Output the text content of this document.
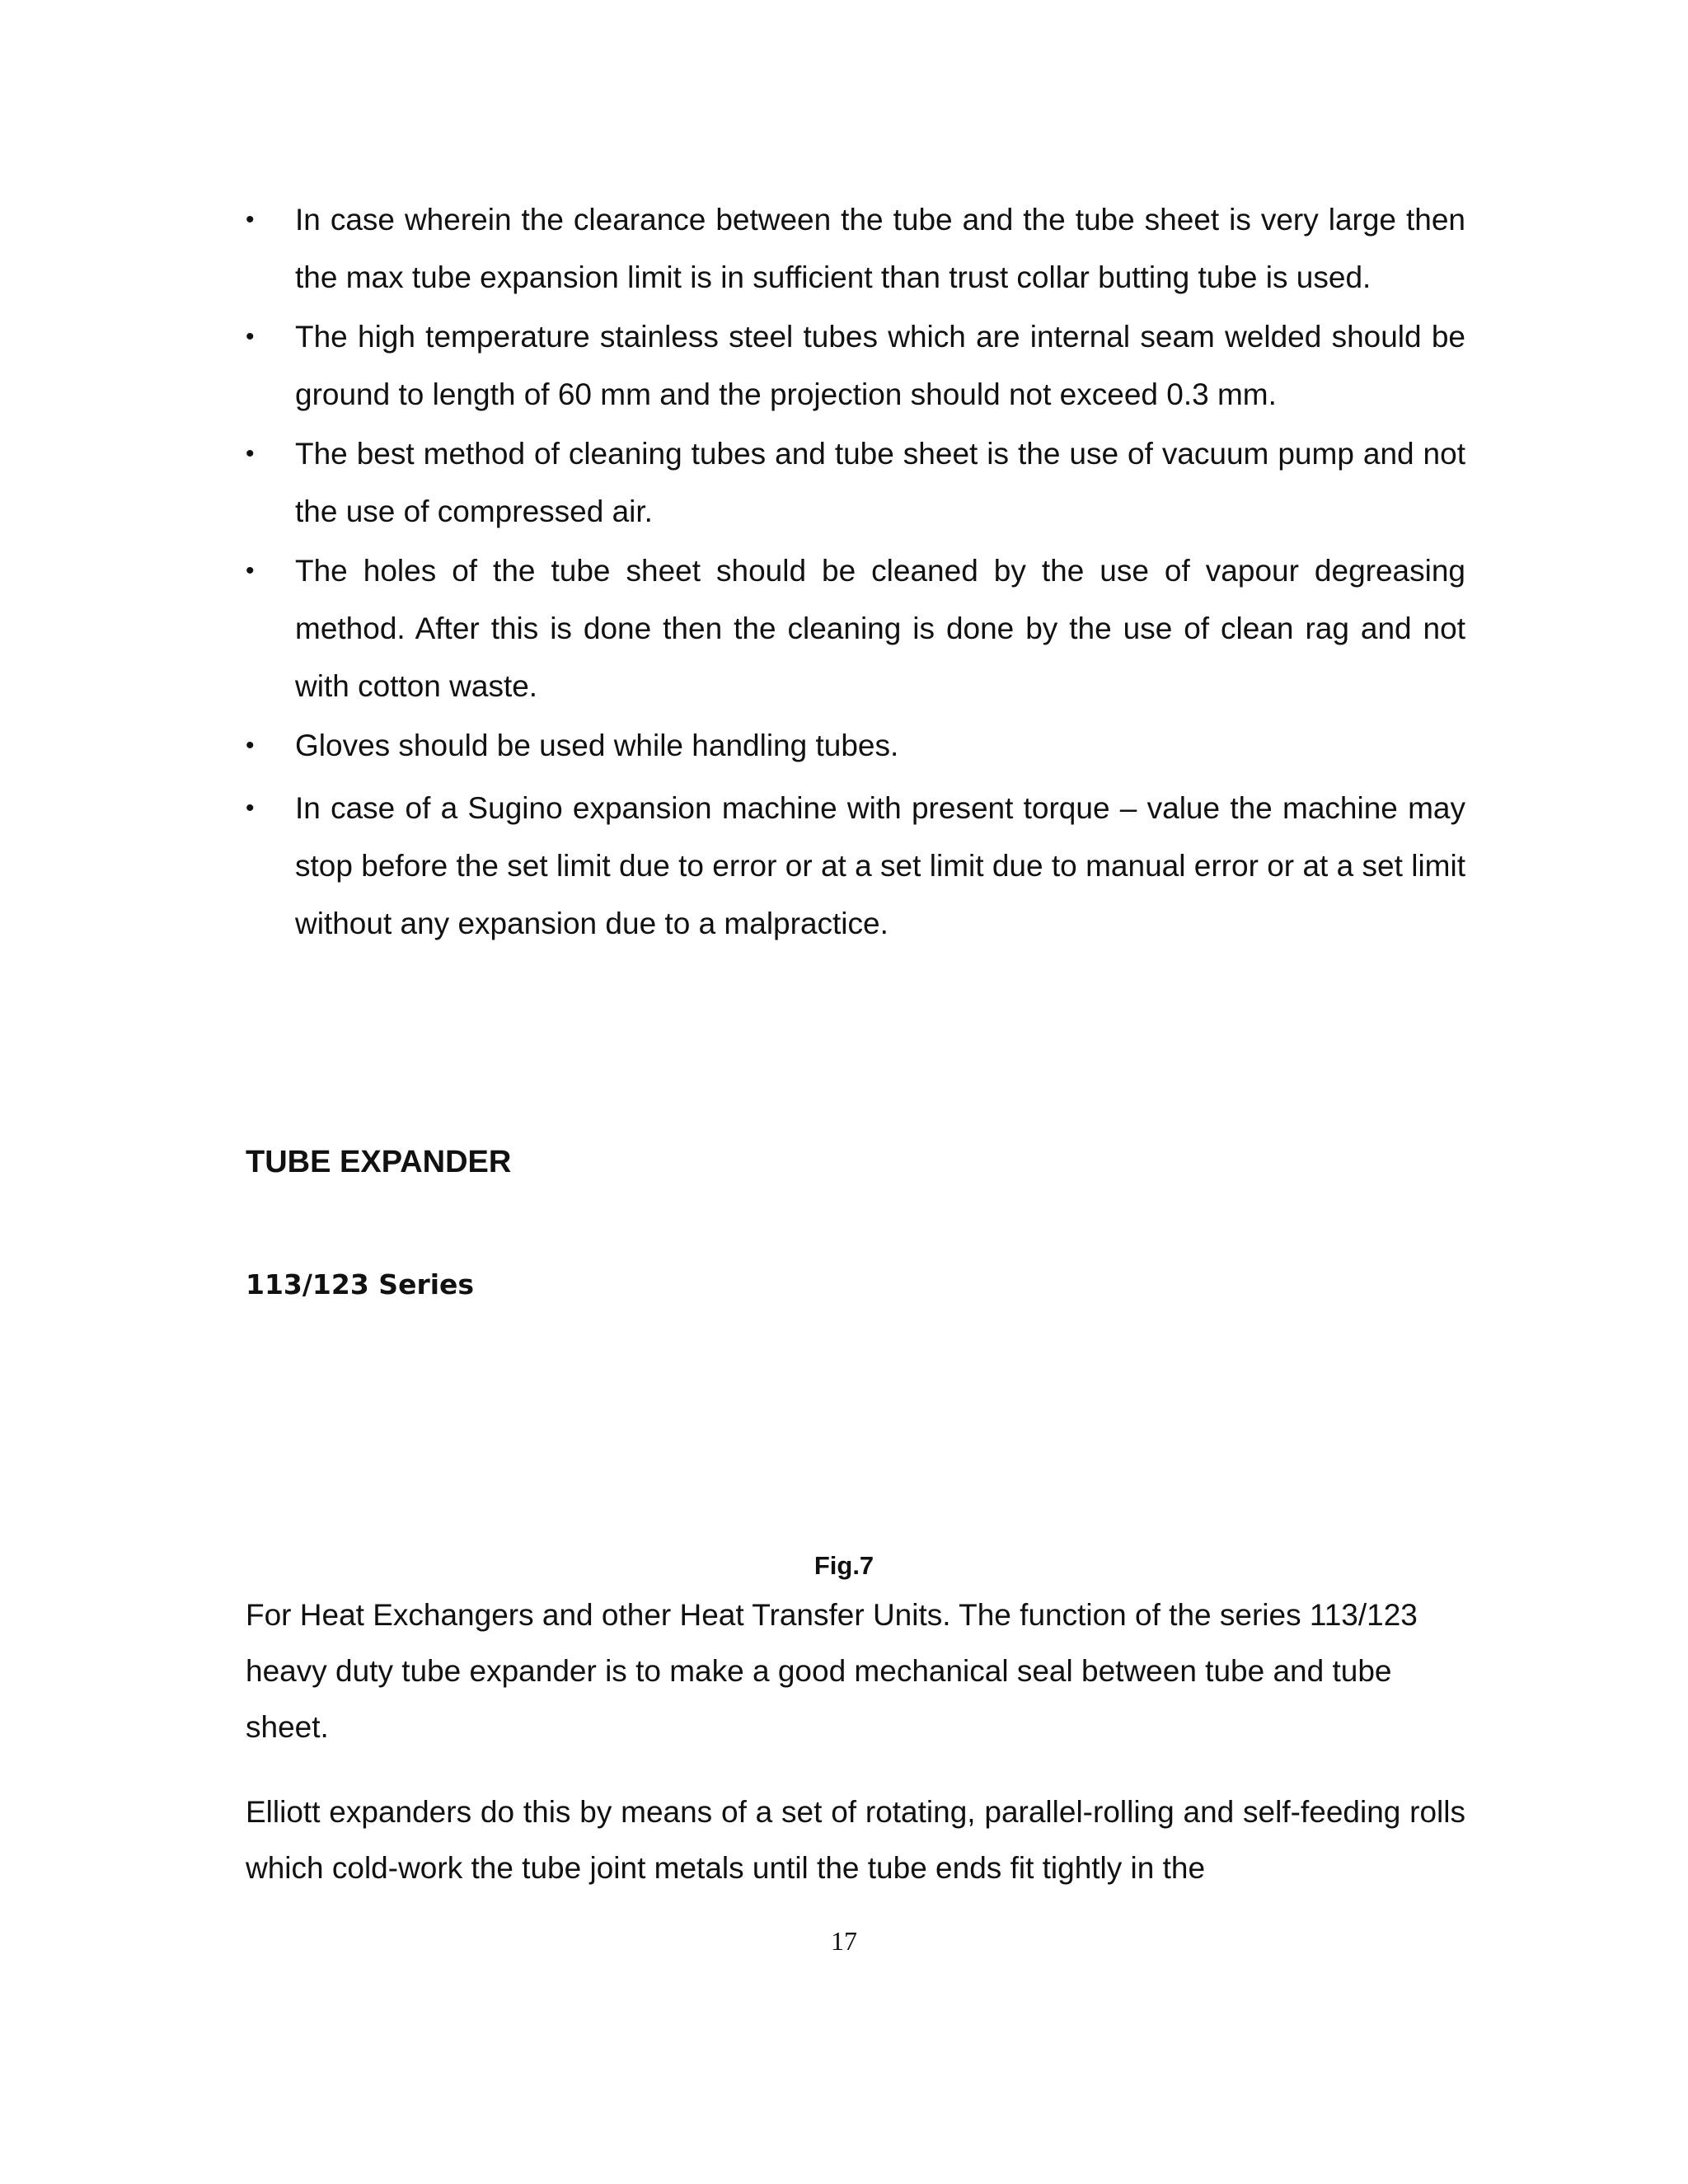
• In case wherein the clearance between the tube and the tube sheet is very large then the max tube expansion limit is in sufficient than trust collar butting tube is used.
• The high temperature stainless steel tubes which are internal seam welded should be ground to length of 60 mm and the projection should not exceed 0.3 mm.
• The best method of cleaning tubes and tube sheet is the use of vacuum pump and not the use of compressed air.
• The holes of the tube sheet should be cleaned by the use of vapour degreasing method. After this is done then the cleaning is done by the use of clean rag and not with cotton waste.
• Gloves should be used while handling tubes.
• In case of a Sugino expansion machine with present torque – value the machine may stop before the set limit due to error or at a set limit due to manual error or at a set limit without any expansion due to a malpractice.
TUBE EXPANDER
113/123 Series

Fig.7

For Heat Exchangers and other Heat Transfer Units. The function of the series 113/123 heavy duty tube expander is to make a good mechanical seal between tube and tube sheet.

Elliott expanders do this by means of a set of rotating, parallel-rolling and self-feeding rolls which cold-work the tube joint metals until the tube ends fit tightly in the

17
